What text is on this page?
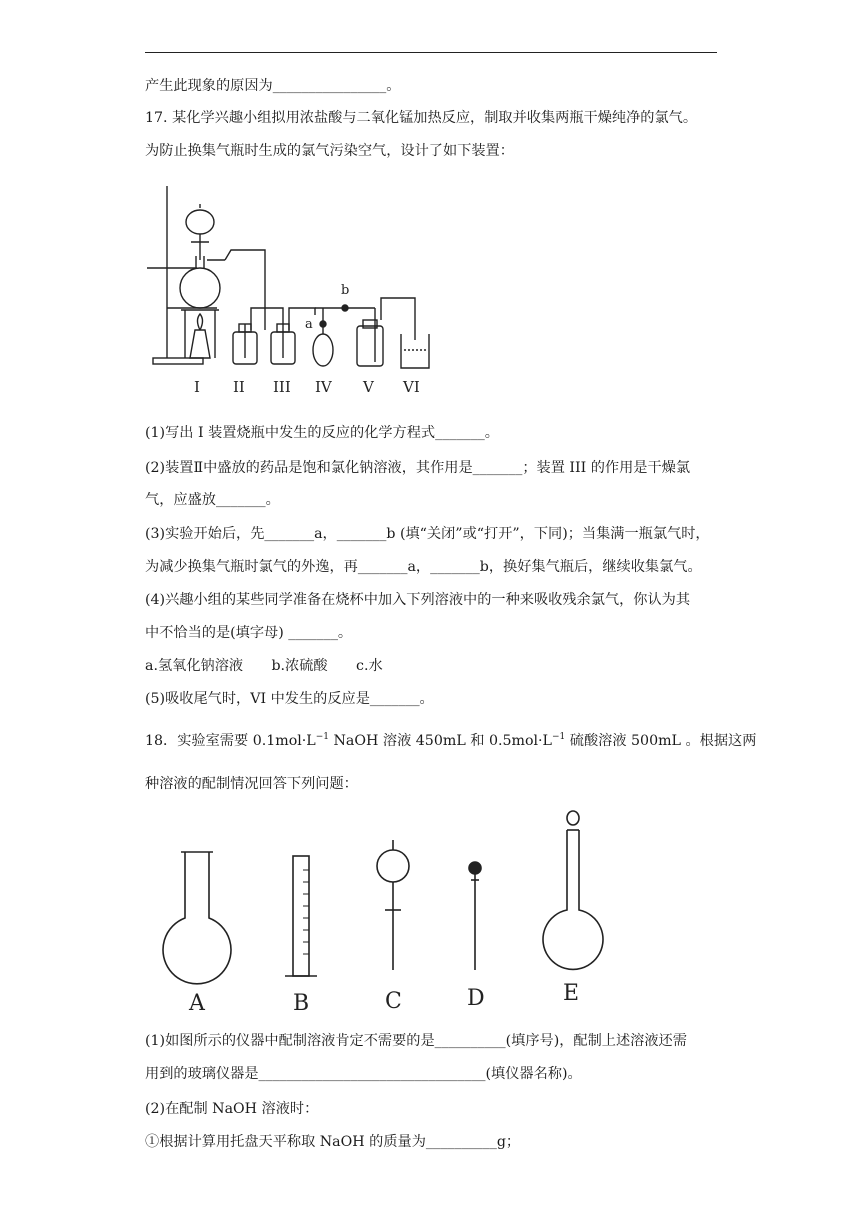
产生此现象的原因为________________。
17. 某化学兴趣小组拟用浓盐酸与二氧化锰加热反应，制取并收集两瓶干燥纯净的氯气。
为防止换集气瓶时生成的氯气污染空气，设计了如下装置：
I II III IV V VI
a
b
(1)写出 I 装置烧瓶中发生的反应的化学方程式_______。
(2)装置Ⅱ中盛放的药品是饱和氯化钠溶液，其作用是_______；装置 III 的作用是干燥氯
气，应盛放_______。
(3)实验开始后，先_______a，_______b (填“关闭”或“打开”，下同)；当集满一瓶氯气时，
为减少换集气瓶时氯气的外逸，再_______a，_______b，换好集气瓶后，继续收集氯气。
(4)兴趣小组的某些同学准备在烧杯中加入下列溶液中的一种来吸收残余氯气，你认为其
中不恰当的是(填字母) _______。
a.氢氧化钠溶液　　b.浓硫酸　　c.水
(5)吸收尾气时，VI 中发生的反应是_______。
18．实验室需要 $0.1mol\cdot L^{-1}$ NaOH 溶液 450mL 和 $0.5mol\cdot L^{-1}$ 硫酸溶液 500mL 。根据这两
种溶液的配制情况回答下列问题：
A	B	C	D	E
(1)如图所示的仪器中配制溶液肯定不需要的是__________(填序号)，配制上述溶液还需
用到的玻璃仪器是________________________________(填仪器名称)。
(2)在配制 NaOH 溶液时：
①根据计算用托盘天平称取 NaOH 的质量为__________g；
